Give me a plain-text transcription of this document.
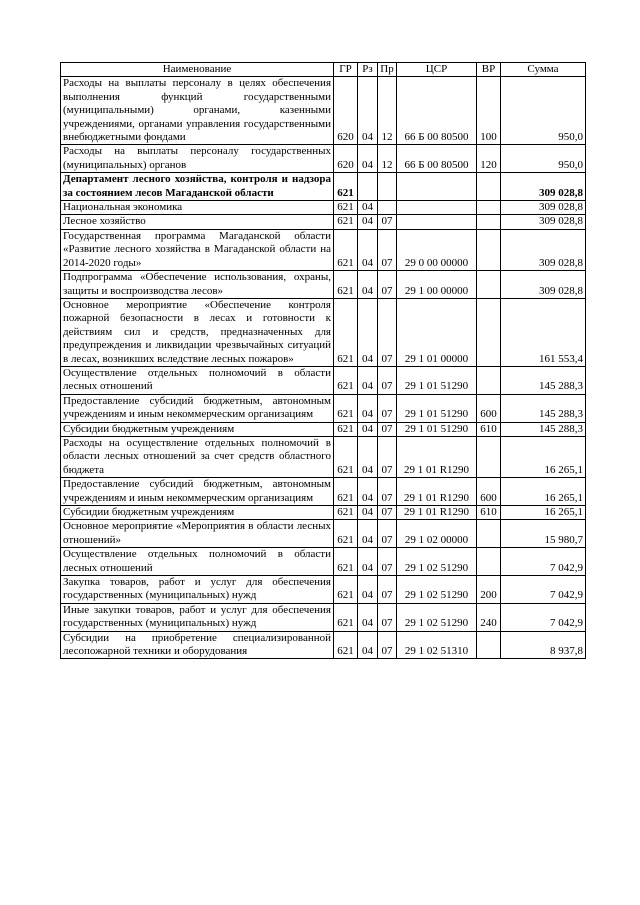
Наименование	ГР	Рз	Пр	ЦСР	ВР	Сумма
Расходы на выплаты персоналу в целях обеспечения выполнения функций государственными (муниципальными) органами, казенными учреждениями, органами управления государственными внебюджетными фондами	620	04	12	66 Б 00 80500	100	950,0
Расходы на выплаты персоналу государственных (муниципальных) органов	620	04	12	66 Б 00 80500	120	950,0
Департамент лесного хозяйства, контроля и надзора за состоянием лесов Магаданской области	621					309 028,8
Национальная экономика	621	04				309 028,8
Лесное хозяйство	621	04	07			309 028,8
Государственная программа Магаданской области «Развитие лесного хозяйства в Магаданской области на 2014-2020 годы»	621	04	07	29 0 00 00000		309 028,8
Подпрограмма «Обеспечение использования, охраны, защиты и воспроизводства лесов»	621	04	07	29 1 00 00000		309 028,8
Основное мероприятие «Обеспечение контроля пожарной безопасности в лесах и готовности к действиям сил и средств, предназначенных для предупреждения и ликвидации чрезвычайных ситуаций в лесах, возникших вследствие лесных пожаров»	621	04	07	29 1 01 00000		161 553,4
Осуществление отдельных полномочий в области лесных отношений	621	04	07	29 1 01 51290		145 288,3
Предоставление субсидий бюджетным, автономным учреждениям и иным некоммерческим организациям	621	04	07	29 1 01 51290	600	145 288,3
Субсидии бюджетным учреждениям	621	04	07	29 1 01 51290	610	145 288,3
Расходы на осуществление отдельных полномочий в области лесных отношений за счет средств областного бюджета	621	04	07	29 1 01 R1290		16 265,1
Предоставление субсидий бюджетным, автономным учреждениям и иным некоммерческим организациям	621	04	07	29 1 01 R1290	600	16 265,1
Субсидии бюджетным учреждениям	621	04	07	29 1 01 R1290	610	16 265,1
Основное мероприятие «Мероприятия в области лесных отношений»	621	04	07	29 1 02 00000		15 980,7
Осуществление отдельных полномочий в области лесных отношений	621	04	07	29 1 02 51290		7 042,9
Закупка товаров, работ и услуг для обеспечения государственных (муниципальных) нужд	621	04	07	29 1 02 51290	200	7 042,9
Иные закупки товаров, работ и услуг для обеспечения государственных (муниципальных) нужд	621	04	07	29 1 02 51290	240	7 042,9
Субсидии на приобретение специализированной лесопожарной техники и оборудования	621	04	07	29 1 02 51310		8 937,8
